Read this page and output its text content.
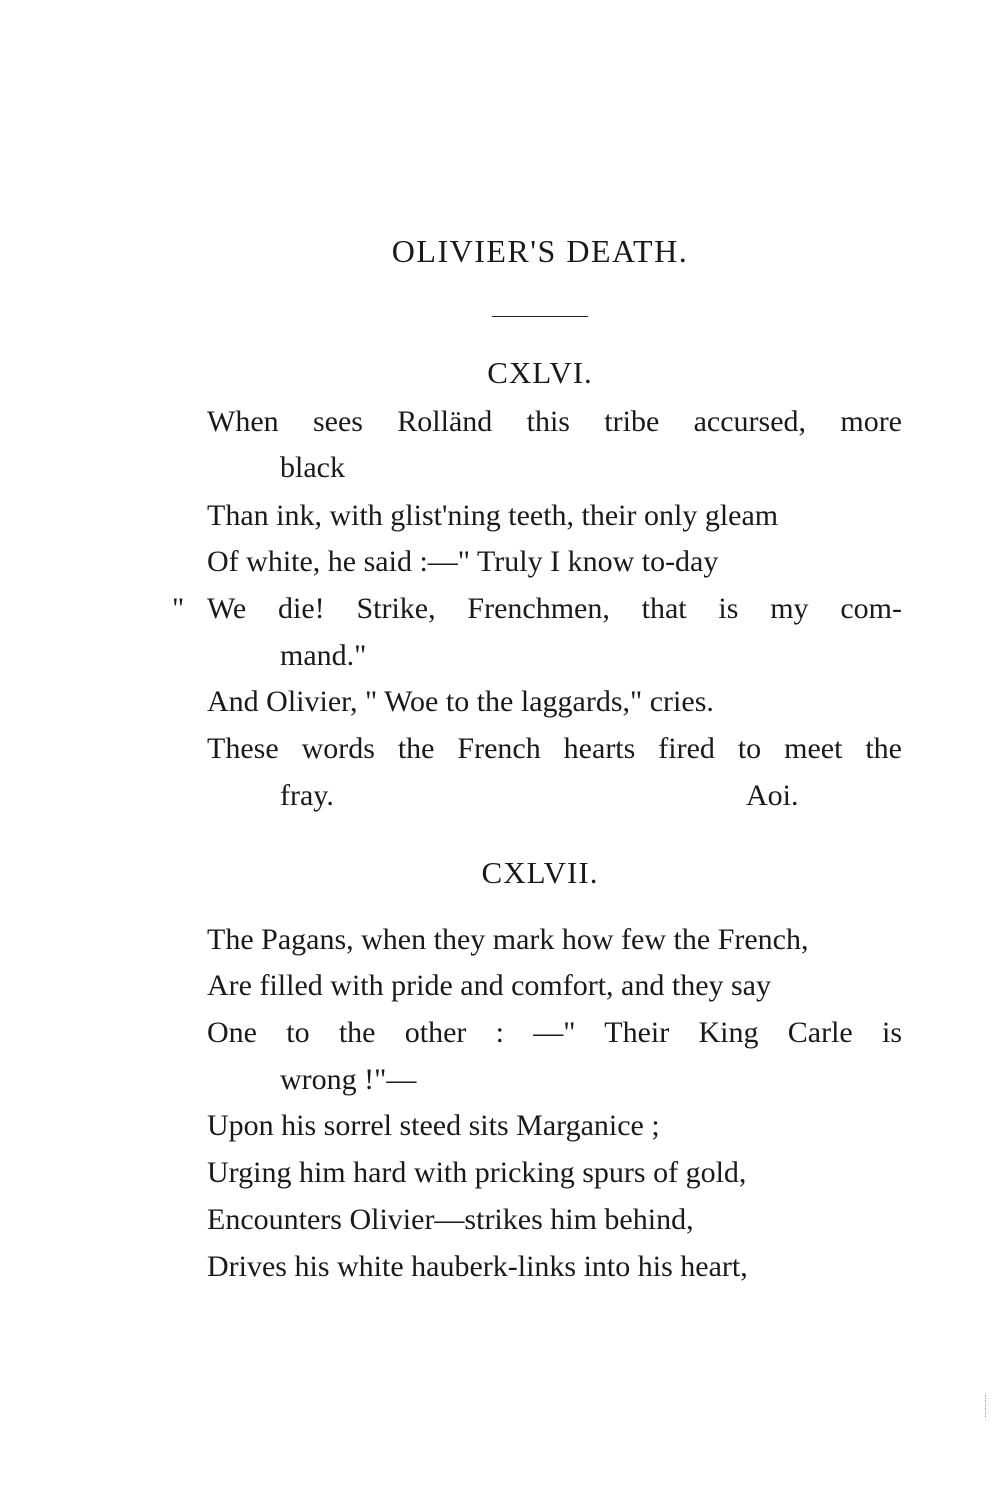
OLIVIER'S DEATH.
CXLVI.
When sees Rolländ this tribe accursed, more
black
Than ink, with glist'ning teeth, their only gleam
Of white, he said :—" Truly I know to-day
" We die! Strike, Frenchmen, that is my com-
mand."
And Olivier, " Woe to the laggards," cries.
These words the French hearts fired to meet the
fray.	Aoi.
CXLVII.
The Pagans, when they mark how few the French,
Are filled with pride and comfort, and they say
One to the other : —" Their King Carle is
wrong !"—
Upon his sorrel steed sits Marganice ;
Urging him hard with pricking spurs of gold,
Encounters Olivier—strikes him behind,
Drives his white hauberk-links into his heart,
